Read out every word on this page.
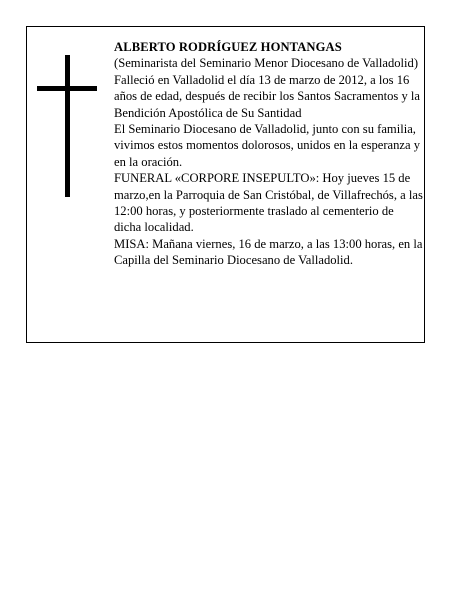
ALBERTO RODRÍGUEZ HONTANGAS

(Seminarista del Seminario Menor Diocesano de Valladolid)

Falleció en Valladolid el día 13 de marzo de 2012, a los 16 años de edad, después de recibir los Santos Sacramentos y la Bendición Apostólica de Su Santidad

El Seminario Diocesano de Valladolid, junto con su familia, vivimos estos momentos dolorosos, unidos en la esperanza y en la oración.

FUNERAL «CORPORE INSEPULTO»: Hoy jueves 15 de marzo,en la Parroquia de San Cristóbal, de Villafrechós, a las 12:00 horas, y posteriormente traslado al cementerio de dicha localidad.

MISA: Mañana viernes, 16 de marzo, a las 13:00 horas, en la Capilla del Seminario Diocesano de Valladolid.
